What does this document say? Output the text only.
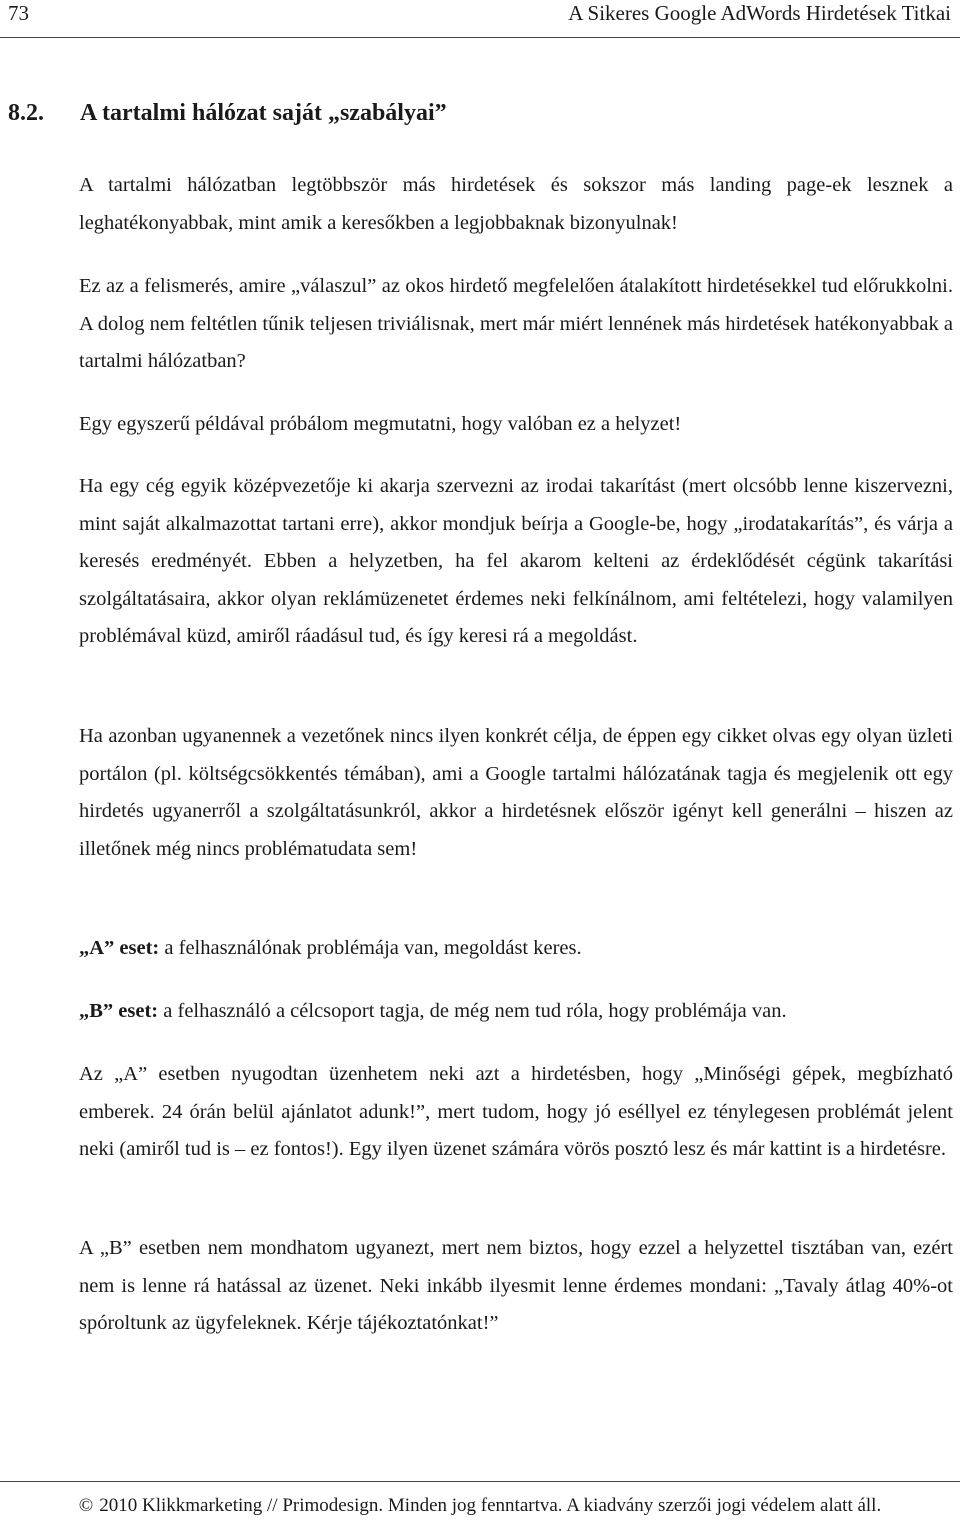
73	A Sikeres Google AdWords Hirdetések Titkai
8.2. A tartalmi hálózat saját „szabályai”

A tartalmi hálózatban legtöbbször más hirdetések és sokszor más landing page-ek lesznek a leghatékonyabbak, mint amik a keresőkben a legjobbaknak bizonyulnak!

Ez az a felismerés, amire „válaszul” az okos hirdető megfelelően átalakított hirdetésekkel tud előrukkolni. A dolog nem feltétlen tűnik teljesen triviálisnak, mert már miért lennének más hirdetések hatékonyabbak a tartalmi hálózatban?

Egy egyszerű példával próbálom megmutatni, hogy valóban ez a helyzet!

Ha egy cég egyik középvezetője ki akarja szervezni az irodai takarítást (mert olcsóbb lenne kiszervezni, mint saját alkalmazottat tartani erre), akkor mondjuk beírja a Google-be, hogy „irodatakarítás”, és várja a keresés eredményét. Ebben a helyzetben, ha fel akarom kelteni az érdeklődését cégünk takarítási szolgáltatásaira, akkor olyan reklámüzenetet érdemes neki felkínálnom, ami feltételezi, hogy valamilyen problémával küzd, amiről ráadásul tud, és így keresi rá a megoldást.

Ha azonban ugyanennek a vezetőnek nincs ilyen konkrét célja, de éppen egy cikket olvas egy olyan üzleti portálon (pl. költségcsökkentés témában), ami a Google tartalmi hálózatának tagja és megjelenik ott egy hirdetés ugyanerről a szolgáltatásunkról, akkor a hirdetésnek először igényt kell generálni – hiszen az illetőnek még nincs problématudata sem!

„A” eset: a felhasználónak problémája van, megoldást keres.

„B” eset: a felhasználó a célcsoport tagja, de még nem tud róla, hogy problémája van.

Az „A” esetben nyugodtan üzenhetem neki azt a hirdetésben, hogy „Minőségi gépek, megbízható emberek. 24 órán belül ajánlatot adunk!”, mert tudom, hogy jó eséllyel ez ténylegesen problémát jelent neki (amiről tud is – ez fontos!). Egy ilyen üzenet számára vörös posztó lesz és már kattint is a hirdetésre.

A „B” esetben nem mondhatom ugyanezt, mert nem biztos, hogy ezzel a helyzettel tisztában van, ezért nem is lenne rá hatással az üzenet. Neki inkább ilyesmit lenne érdemes mondani: „Tavaly átlag 40%-ot spóroltunk az ügyfeleknek. Kérje tájékoztatónkat!”

© 2010 Klikkmarketing // Primodesign. Minden jog fenntartva. A kiadvány szerzői jogi védelem alatt áll.
